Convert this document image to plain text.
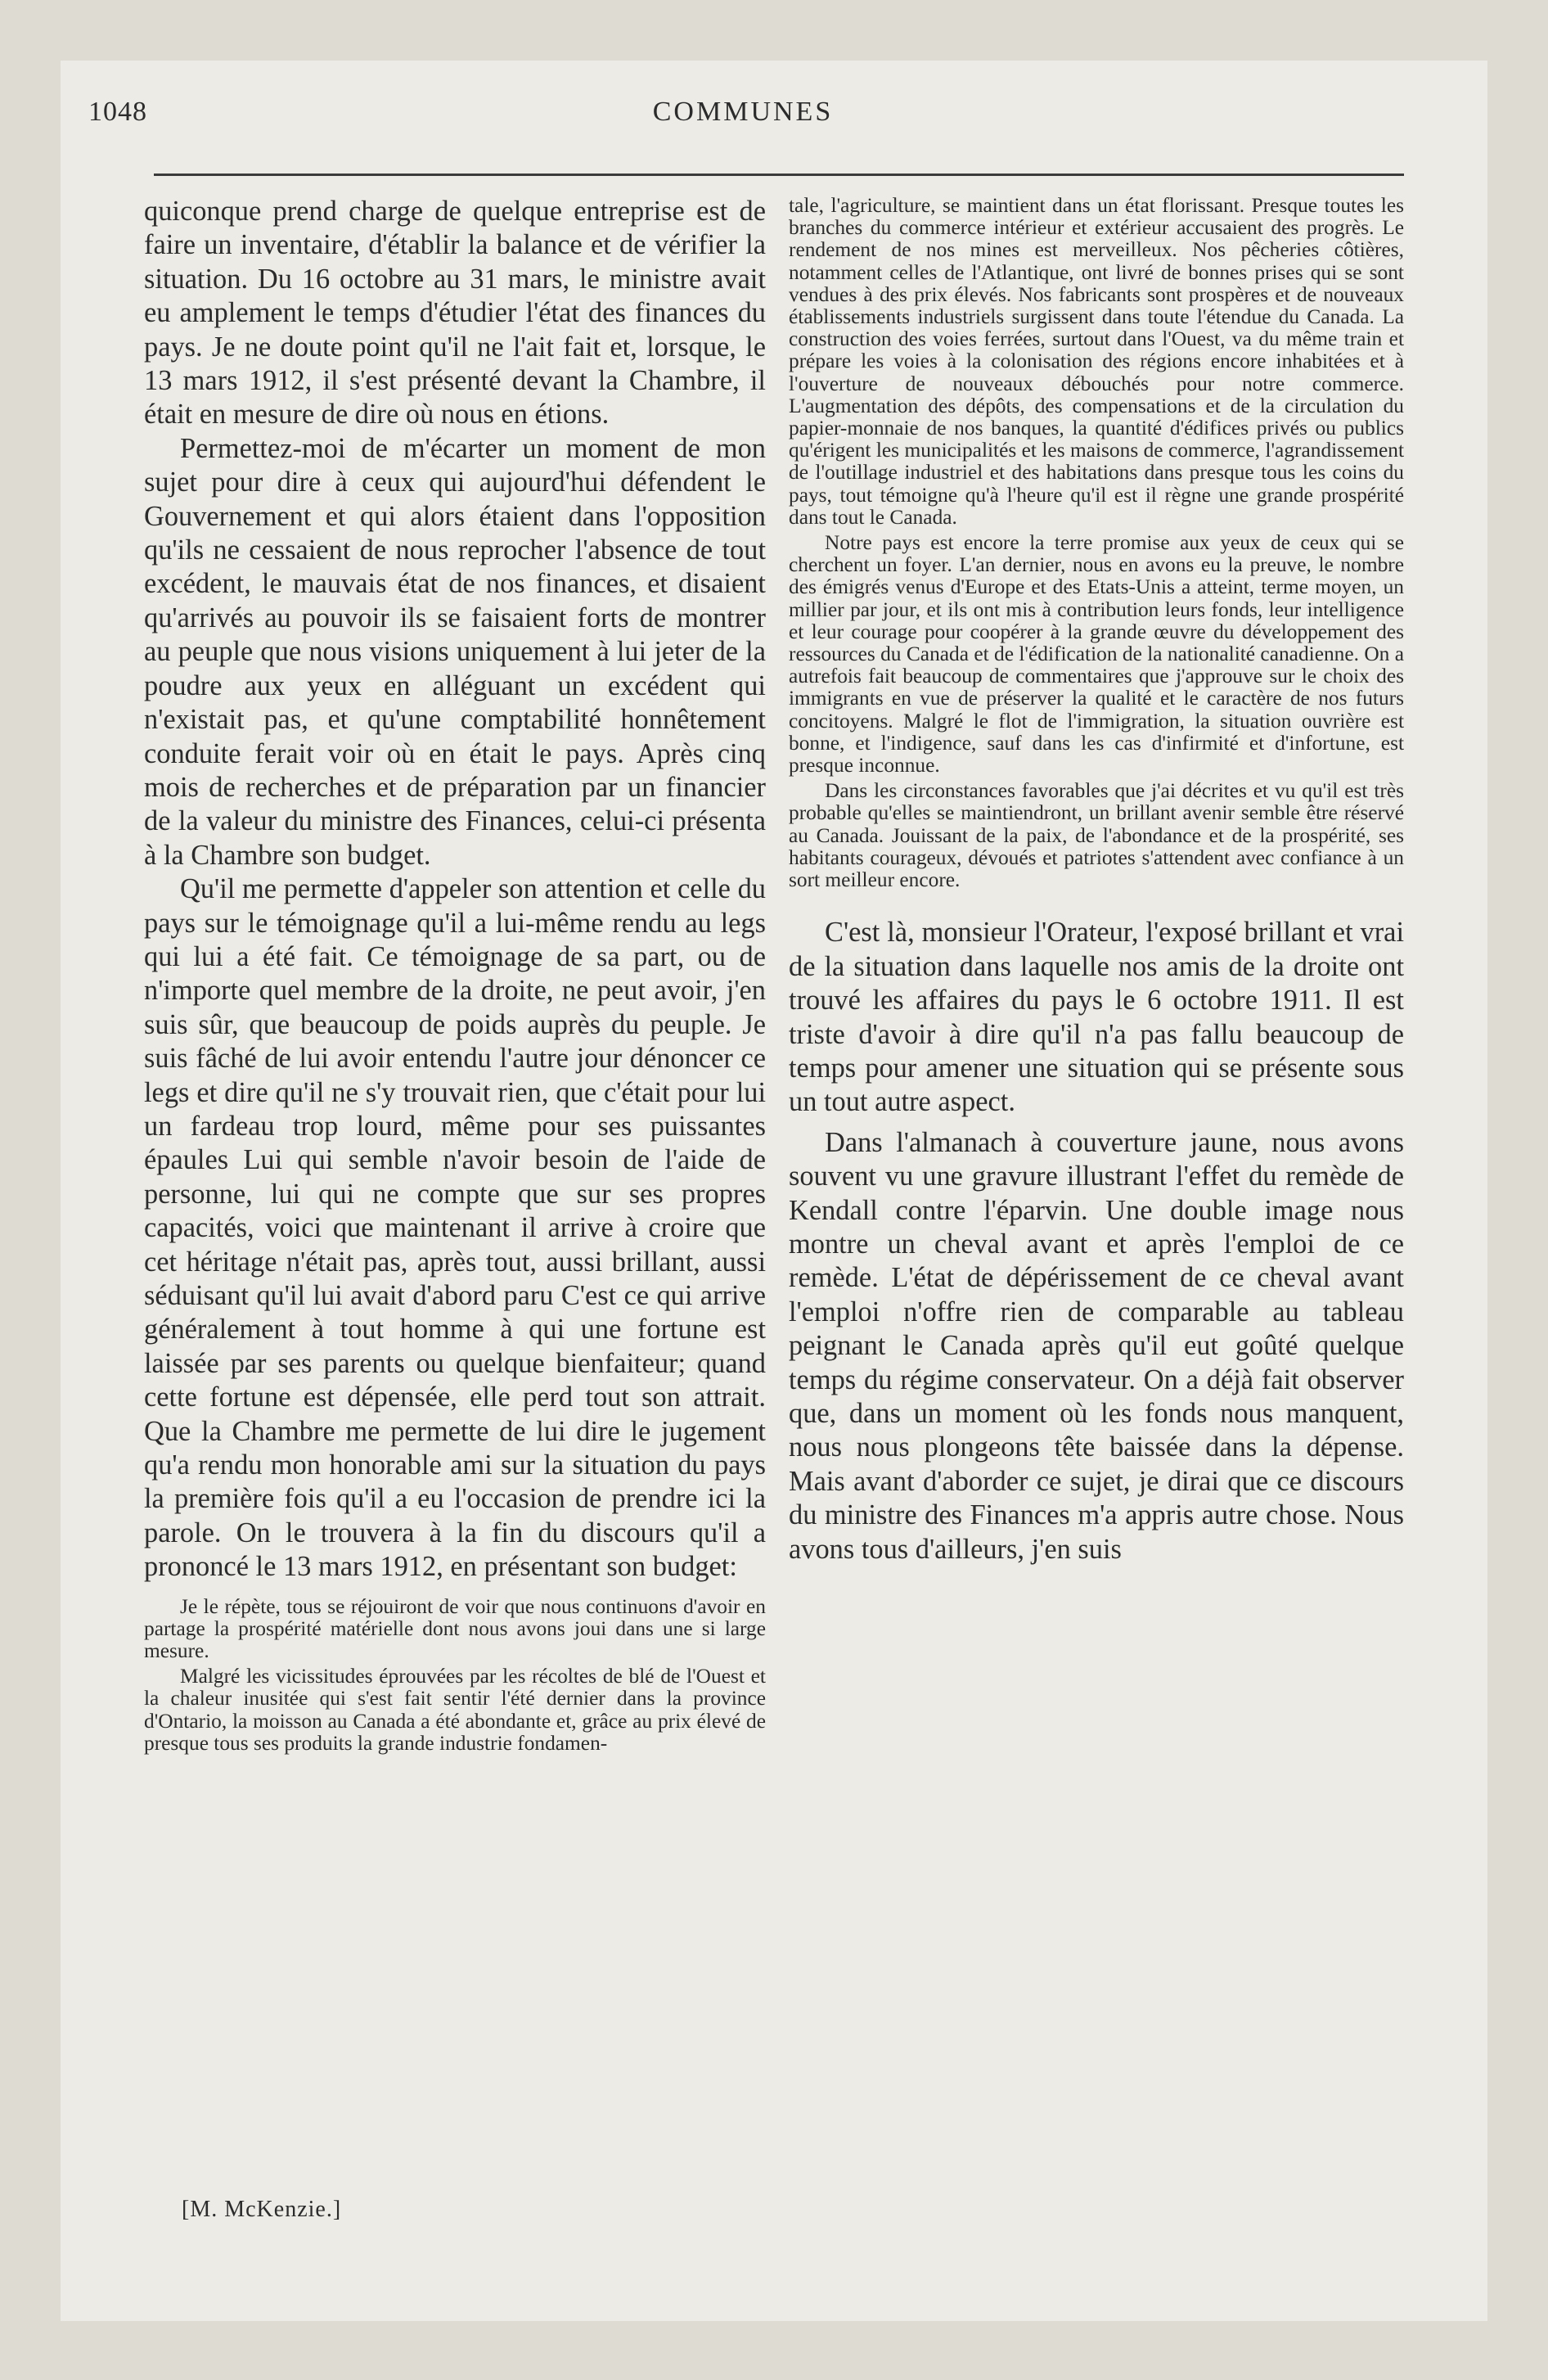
1048	COMMUNES

quiconque prend charge de quelque entreprise est de faire un inventaire, d'établir la balance et de vérifier la situation. Du 16 octobre au 31 mars, le ministre avait eu amplement le temps d'étudier l'état des finances du pays. Je ne doute point qu'il ne l'ait fait et, lorsque, le 13 mars 1912, il s'est présenté devant la Chambre, il était en mesure de dire où nous en étions.

Permettez-moi de m'écarter un moment de mon sujet pour dire à ceux qui aujourd'hui défendent le Gouvernement et qui alors étaient dans l'opposition qu'ils ne cessaient de nous reprocher l'absence de tout excédent, le mauvais état de nos finances, et disaient qu'arrivés au pouvoir ils se faisaient forts de montrer au peuple que nous visions uniquement à lui jeter de la poudre aux yeux en alléguant un excédent qui n'existait pas, et qu'une comptabilité honnêtement conduite ferait voir où en était le pays. Après cinq mois de recherches et de préparation par un financier de la valeur du ministre des Finances, celui-ci présenta à la Chambre son budget.

Qu'il me permette d'appeler son attention et celle du pays sur le témoignage qu'il a lui-même rendu au legs qui lui a été fait. Ce témoignage de sa part, ou de n'importe quel membre de la droite, ne peut avoir, j'en suis sûr, que beaucoup de poids auprès du peuple. Je suis fâché de lui avoir entendu l'autre jour dénoncer ce legs et dire qu'il ne s'y trouvait rien, que c'était pour lui un fardeau trop lourd, même pour ses puissantes épaules Lui qui semble n'avoir besoin de l'aide de personne, lui qui ne compte que sur ses propres capacités, voici que maintenant il arrive à croire que cet héritage n'était pas, après tout, aussi brillant, aussi séduisant qu'il lui avait d'abord paru C'est ce qui arrive généralement à tout homme à qui une fortune est laissée par ses parents ou quelque bienfaiteur; quand cette fortune est dépensée, elle perd tout son attrait. Que la Chambre me permette de lui dire le jugement qu'a rendu mon honorable ami sur la situation du pays la première fois qu'il a eu l'occasion de prendre ici la parole. On le trouvera à la fin du discours qu'il a prononcé le 13 mars 1912, en présentant son budget:

Je le répète, tous se réjouiront de voir que nous continuons d'avoir en partage la prospérité matérielle dont nous avons joui dans une si large mesure.

Malgré les vicissitudes éprouvées par les récoltes de blé de l'Ouest et la chaleur inusitée qui s'est fait sentir l'été dernier dans la province d'Ontario, la moisson au Canada a été abondante et, grâce au prix élevé de presque tous ses produits la grande industrie fondamen-

[M. McKenzie.]

tale, l'agriculture, se maintient dans un état florissant. Presque toutes les branches du commerce intérieur et extérieur accusaient des progrès. Le rendement de nos mines est merveilleux. Nos pêcheries côtières, notamment celles de l'Atlantique, ont livré de bonnes prises qui se sont vendues à des prix élevés. Nos fabricants sont prospères et de nouveaux établissements industriels surgissent dans toute l'étendue du Canada. La construction des voies ferrées, surtout dans l'Ouest, va du même train et prépare les voies à la colonisation des régions encore inhabitées et à l'ouverture de nouveaux débouchés pour notre commerce. L'augmentation des dépôts, des compensations et de la circulation du papier-monnaie de nos banques, la quantité d'édifices privés ou publics qu'érigent les municipalités et les maisons de commerce, l'agrandissement de l'outillage industriel et des habitations dans presque tous les coins du pays, tout témoigne qu'à l'heure qu'il est il règne une grande prospérité dans tout le Canada.

Notre pays est encore la terre promise aux yeux de ceux qui se cherchent un foyer. L'an dernier, nous en avons eu la preuve, le nombre des émigrés venus d'Europe et des Etats-Unis a atteint, terme moyen, un millier par jour, et ils ont mis à contribution leurs fonds, leur intelligence et leur courage pour coopérer à la grande œuvre du développement des ressources du Canada et de l'édification de la nationalité canadienne. On a autrefois fait beaucoup de commentaires que j'approuve sur le choix des immigrants en vue de préserver la qualité et le caractère de nos futurs concitoyens. Malgré le flot de l'immigration, la situation ouvrière est bonne, et l'indigence, sauf dans les cas d'infirmité et d'infortune, est presque inconnue.

Dans les circonstances favorables que j'ai décrites et vu qu'il est très probable qu'elles se maintiendront, un brillant avenir semble être réservé au Canada. Jouissant de la paix, de l'abondance et de la prospérité, ses habitants courageux, dévoués et patriotes s'attendent avec confiance à un sort meilleur encore.

C'est là, monsieur l'Orateur, l'exposé brillant et vrai de la situation dans laquelle nos amis de la droite ont trouvé les affaires du pays le 6 octobre 1911. Il est triste d'avoir à dire qu'il n'a pas fallu beaucoup de temps pour amener une situation qui se présente sous un tout autre aspect.

Dans l'almanach à couverture jaune, nous avons souvent vu une gravure illustrant l'effet du remède de Kendall contre l'éparvin. Une double image nous montre un cheval avant et après l'emploi de ce remède. L'état de dépérissement de ce cheval avant l'emploi n'offre rien de comparable au tableau peignant le Canada après qu'il eut goûté quelque temps du régime conservateur. On a déjà fait observer que, dans un moment où les fonds nous manquent, nous nous plongeons tête baissée dans la dépense. Mais avant d'aborder ce sujet, je dirai que ce discours du ministre des Finances m'a appris autre chose. Nous avons tous d'ailleurs, j'en suis
